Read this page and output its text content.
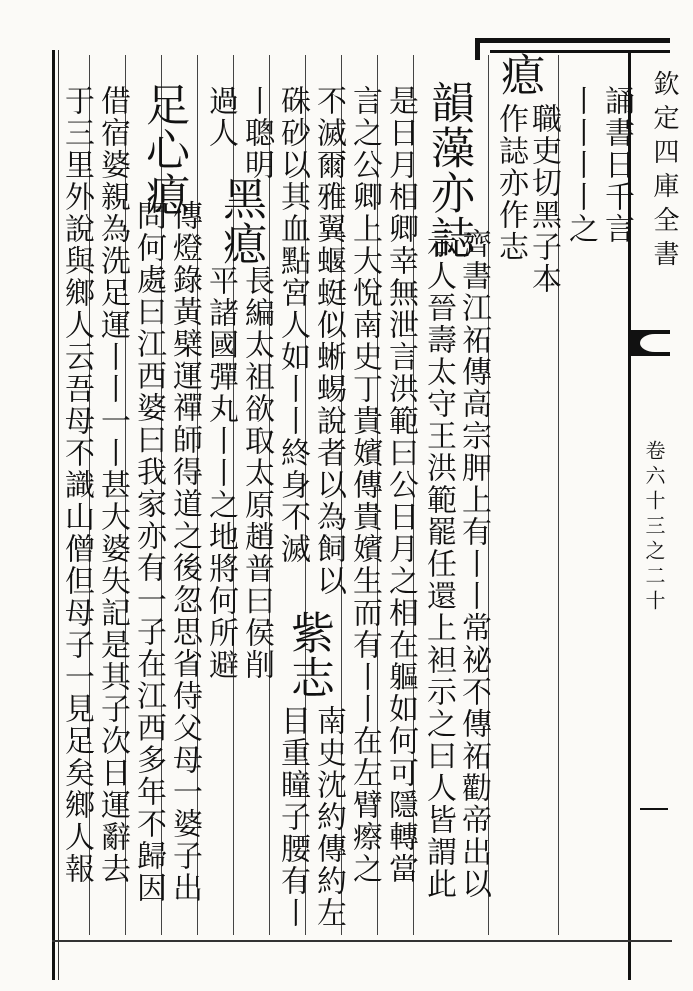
欽定四庫全書
卷六十三之二十
誦書日千言
丨丨丨丨之
瘜
職吏切黑子本
作誌亦作志
齊書江祏傳高宗胛上有丨丨常祕不傳祏勸帝出以
示人晉壽太守王洪範罷任還上袒示之曰人皆謂此
韻藻亦誌
是日月相卿幸無泄言洪範曰公日月之相在軀如何可隱轉當
言之公卿上大悅南史丁貴嬪傳貴嬪生而有丨丨在左臂瘵之
不滅爾雅翼蝘蜓似蜥蜴說者以為飼以
紫志
南史沈約傳約左
硃砂以其血點宮人如丨丨終身不滅
目重瞳子腰有丨
丨聰明
黑瘜
長編太祖欲取太原趙普曰侯削
平諸國彈丸丨丨之地將何所避
過人
足心瘜
傳燈錄黃檗運禪師得道之後忽思省侍父母一婆子出
問何處曰江西婆曰我家亦有一子在江西多年不歸因
借宿婆親為洗足運丨丨一丨甚大婆失記是其子次日運辭去
于三里外說與鄉人云吾母不識山僧但母子一見足矣鄉人報
